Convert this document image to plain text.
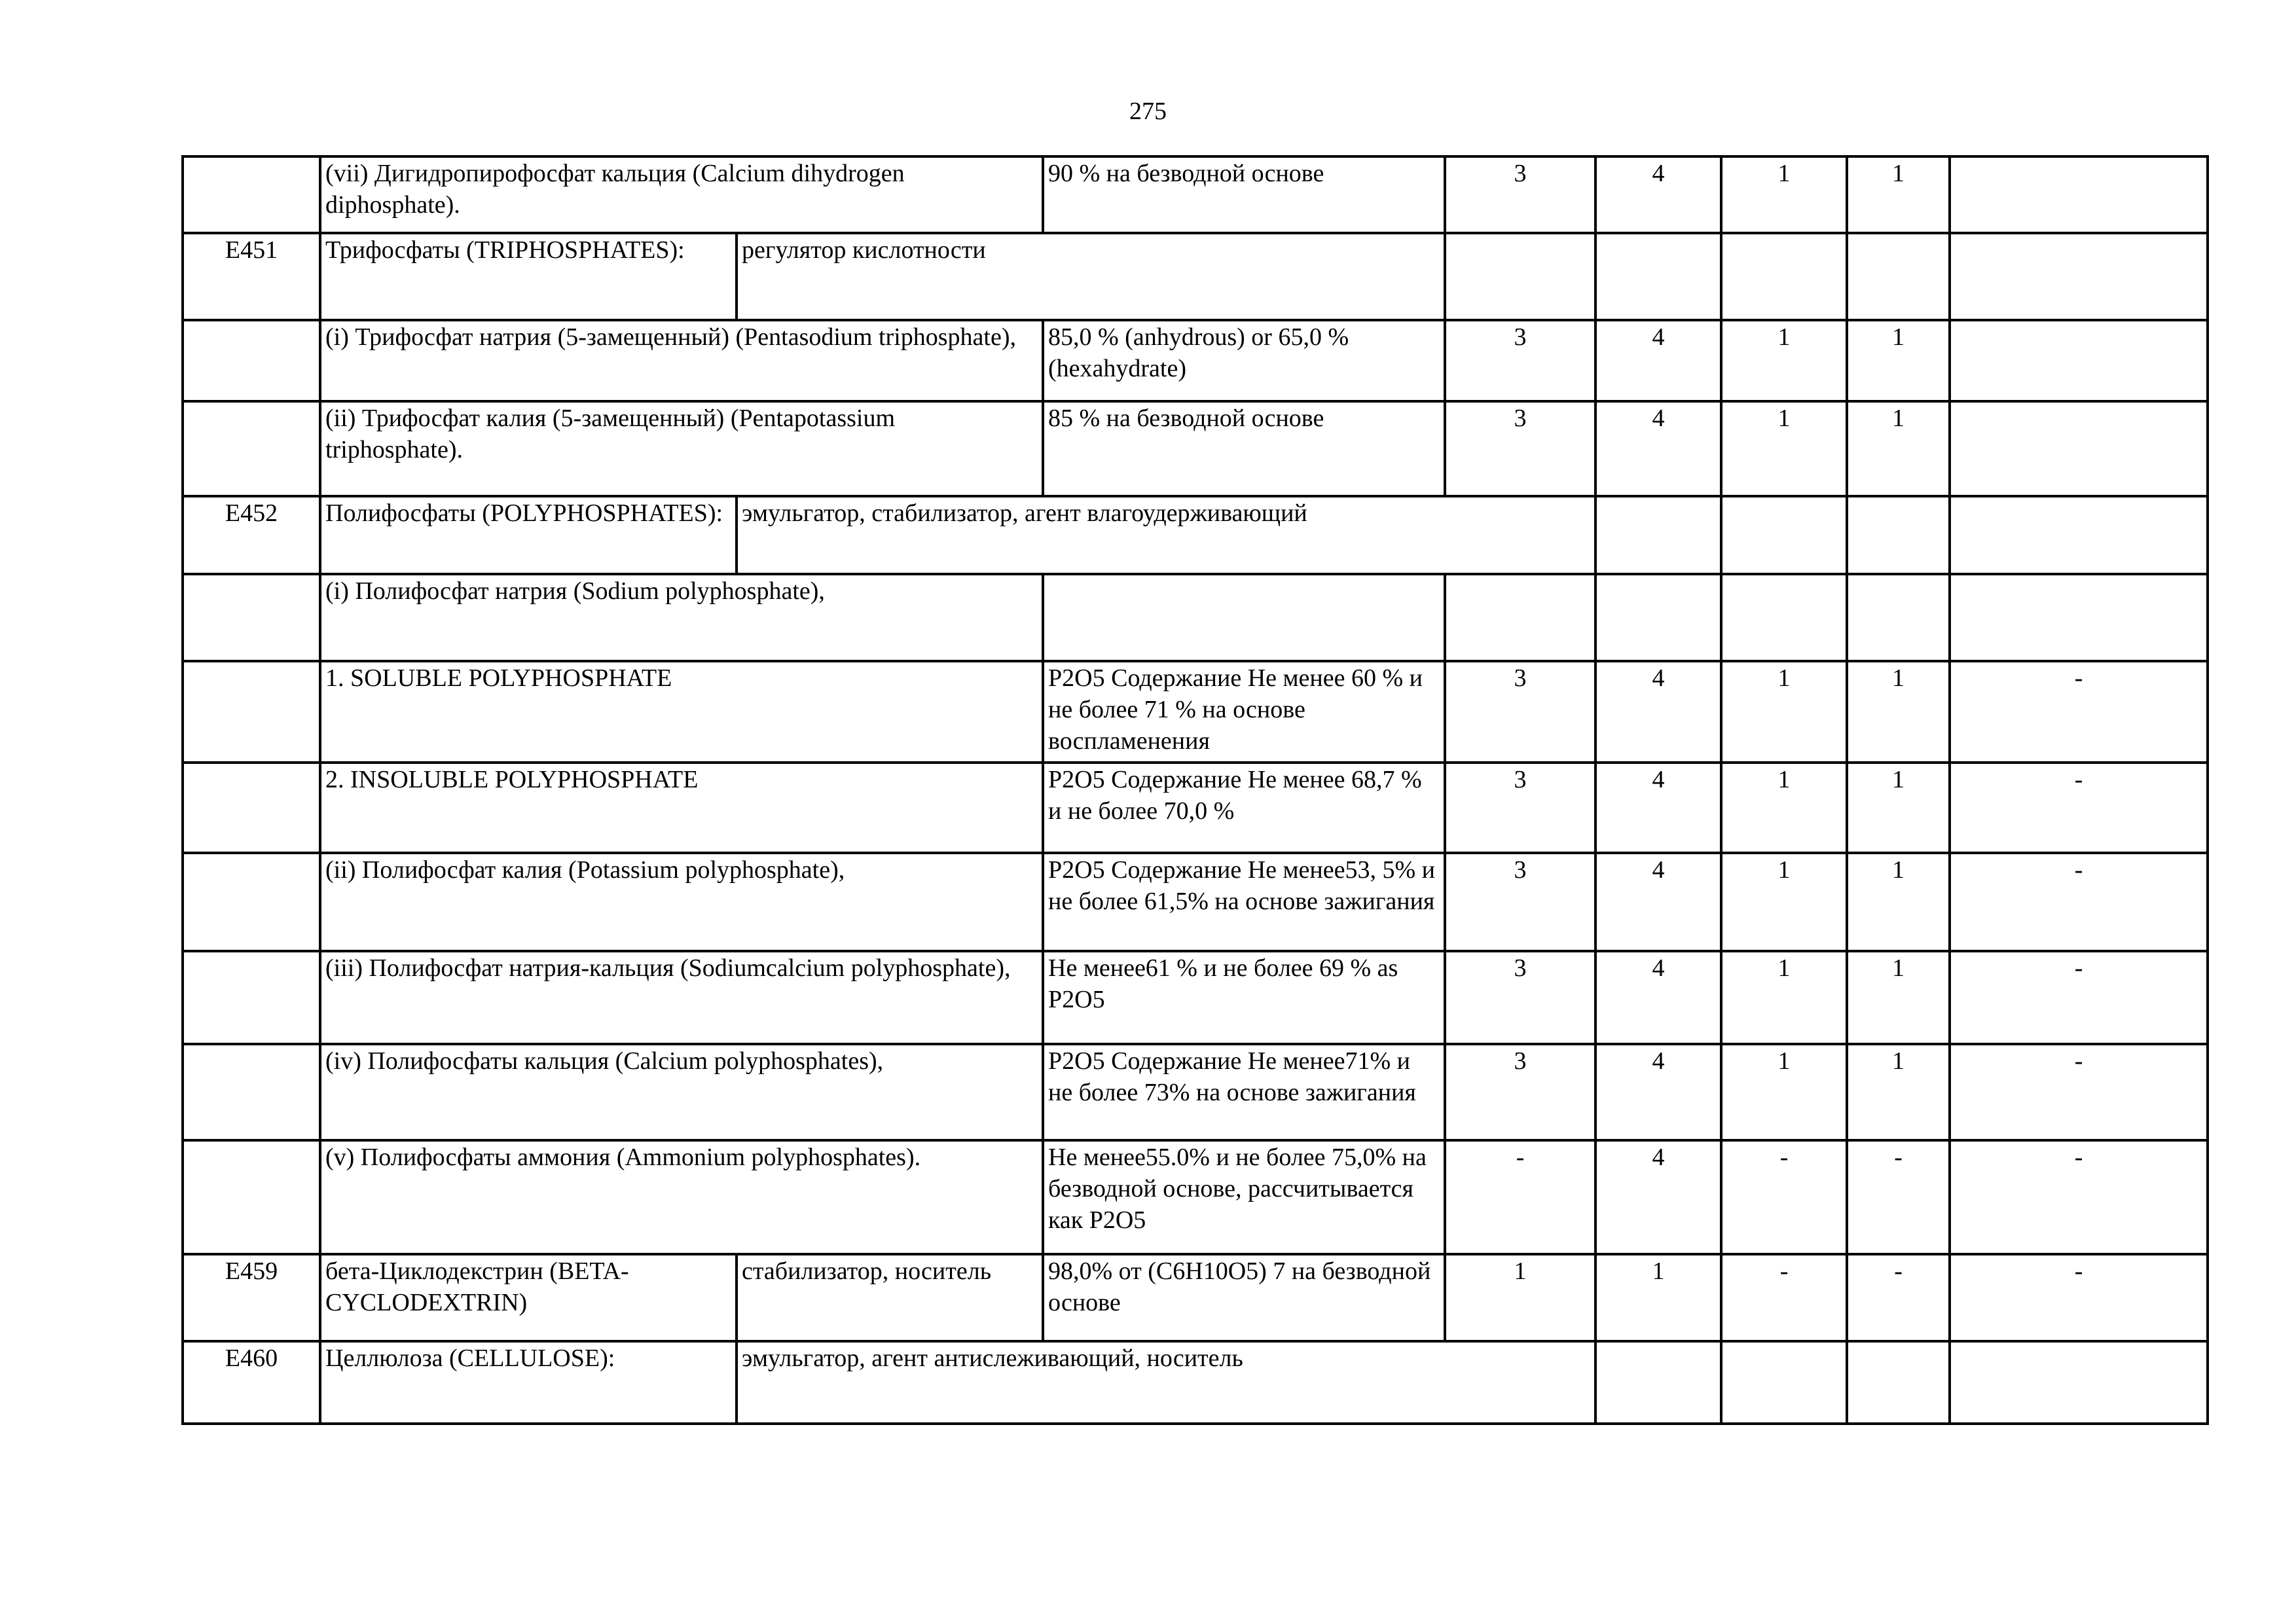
275
	(vii) Дигидропирофосфат кальция (Calcium dihydrogen diphosphate).		90 % на безводной основе	3	4	1	1	
E451	Трифосфаты (TRIPHOSPHATES):	регулятор кислотности						
	(i) Трифосфат натрия (5-замещенный) (Pentasodium triphosphate),		85,0 % (anhydrous) or 65,0 % (hexahydrate)	3	4	1	1	
	(ii) Трифосфат калия (5-замещенный) (Pentapotassium triphosphate).		85 % на безводной основе	3	4	1	1	
E452	Полифосфаты (POLYPHOSPHATES):	эмульгатор, стабилизатор, агент влагоудерживающий						
	(i) Полифосфат натрия (Sodium polyphosphate),							
	1. SOLUBLE POLYPHOSPHATE		P2O5 Содержание Не менее 60 % и не более 71 % на основе воспламенения	3	4	1	1	-
	2. INSOLUBLE POLYPHOSPHATE		P2O5 Содержание Не менее 68,7 % и не более 70,0 %	3	4	1	1	-
	(ii) Полифосфат калия (Potassium polyphosphate),		P2O5 Содержание Не менее53, 5% и не более 61,5% на основе зажигания	3	4	1	1	-
	(iii) Полифосфат натрия-кальция (Sodiumcalcium polyphosphate),		Не менее61 % и не более 69 % as P2O5	3	4	1	1	-
	(iv) Полифосфаты кальция (Calcium polyphosphates),		P2O5 Содержание Не менее71% и не более 73% на основе зажигания	3	4	1	1	-
	(v) Полифосфаты аммония (Ammonium polyphosphates).		Не менее55.0% и не более 75,0% на безводной основе, рассчитывается как P2O5	-	4	-	-	-
E459	бета-Циклодекстрин (BETA-CYCLODEXTRIN)	стабилизатор, носитель	98,0% от (C6H10O5) 7 на безводной основе	1	1	-	-	-
E460	Целлюлоза (CELLULOSE):	эмульгатор, агент антислеживающий, носитель						
